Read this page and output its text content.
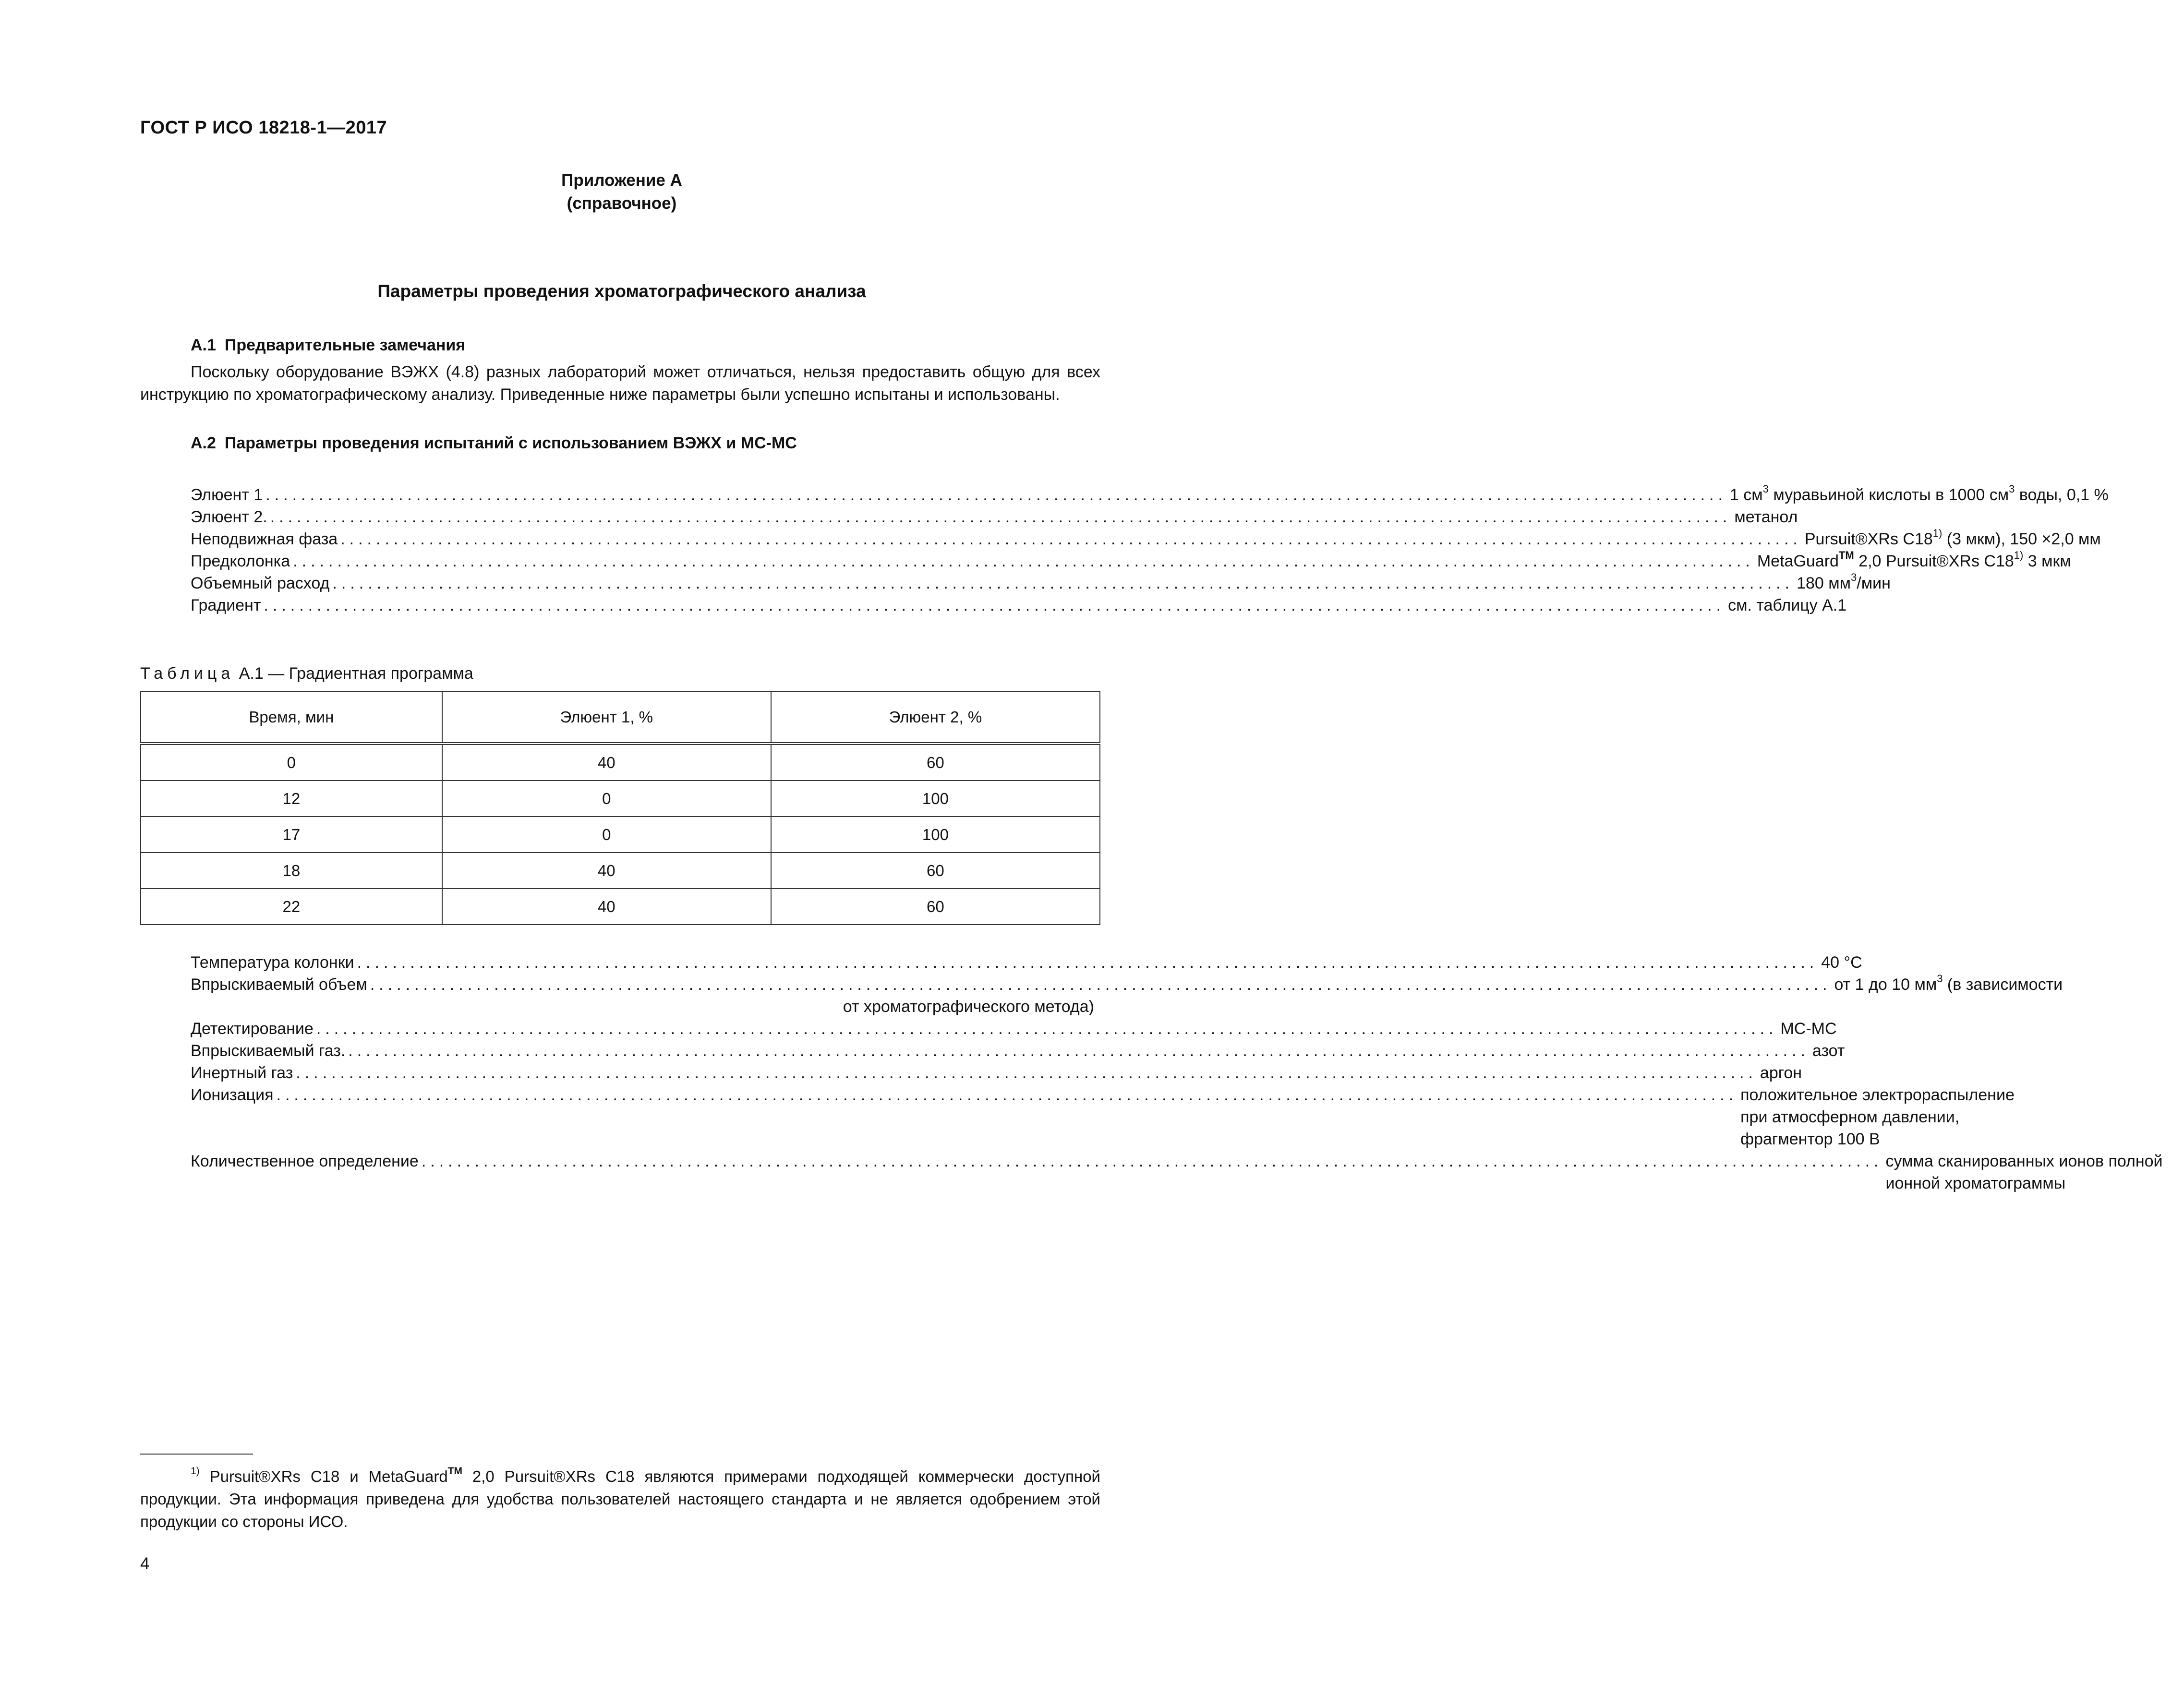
ГОСТ Р ИСО 18218-1—2017
Приложение А
(справочное)
Параметры проведения хроматографического анализа
А.1 Предварительные замечания
Поскольку оборудование ВЭЖХ (4.8) разных лабораторий может отличаться, нельзя предоставить общую для всех инструкцию по хроматографическому анализу. Приведенные ниже параметры были успешно испытаны и использованы.
А.2 Параметры проведения испытаний с использованием ВЭЖХ и МС-МС
Элюент 1 ..................................................................................................................................................................... 1 $см^3$ муравьиной кислоты в 1000 $см^3$ воды, 0,1 %
Элюент 2. ..................................................................................................................................................................... метанол
Неподвижная фаза ..................................................................................................................................................................... Pursuit®XRs C18$^{1)}$ (3 мкм), 150 ×2,0 мм
Предколонка ..................................................................................................................................................................... MetaGuard™ 2,0 Pursuit®XRs C18$^{1)}$ 3 мкм
Объемный расход ..................................................................................................................................................................... 180 $мм^3$/мин
Градиент ..................................................................................................................................................................... см. таблицу А.1
Таблица А.1 — Градиентная программа
Время, мин	Элюент 1, %	Элюент 2, %
0	40	60
12	0	100
17	0	100
18	40	60
22	40	60
Температура колонки ..................................................................................................................................................................... 40 °C
Впрыскиваемый объем ..................................................................................................................................................................... от 1 до 10 $мм^3$ (в зависимости
от хроматографического метода)
Детектирование ..................................................................................................................................................................... МС-МС
Впрыскиваемый газ. ..................................................................................................................................................................... азот
Инертный газ ..................................................................................................................................................................... аргон
Ионизация ..................................................................................................................................................................... положительное электрораспыление
при атмосферном давлении,
фрагментор 100 В
Количественное определение ..................................................................................................................................................................... сумма сканированных ионов полной
ионной хроматограммы
$^{1)}$ Pursuit®XRs C18 и MetaGuard™ 2,0 Pursuit®XRs C18 являются примерами подходящей коммерчески доступной продукции. Эта информация приведена для удобства пользователей настоящего стандарта и не является одобрением этой продукции со стороны ИСО.
4
